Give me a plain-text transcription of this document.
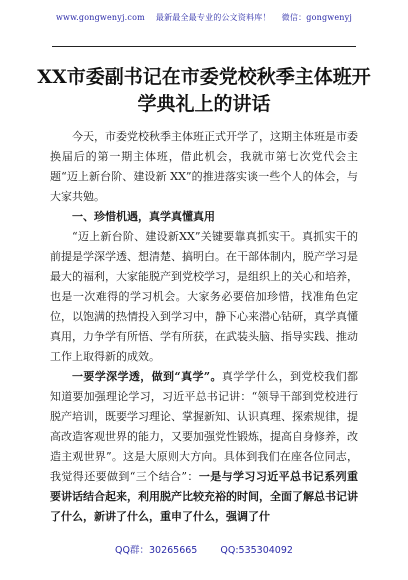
www.gongwenyj.com 最新最全最专业的公文资料库！ 微信：gongwenyj
XX市委副书记在市委党校秋季主体班开学典礼上的讲话

今天，市委党校秋季主体班正式开学了，这期主体班是市委换届后的第一期主体班，借此机会，我就市第七次党代会主题“迈上新台阶、建设新 XX”的推进落实谈一些个人的体会，与大家共勉。

一、珍惜机遇，真学真懂真用

“迈上新台阶、建设新XX”关键要靠真抓实干。真抓实干的前提是学深学透、想清楚、搞明白。在干部体制内，脱产学习是最大的福利，大家能脱产到党校学习，是组织上的关心和培养，也是一次难得的学习机会。大家务必要倍加珍惜，找准角色定位，以饱满的热情投入到学习中，静下心来潜心钻研，真学真懂真用，力争学有所悟、学有所获，在武装头脑、指导实践、推动工作上取得新的成效。

一要学深学透，做到“真学”。真学学什么，到党校我们都知道要加强理论学习，习近平总书记讲：“领导干部到党校进行脱产培训，既要学习理论、掌握新知、认识真理、探索规律，提高改造客观世界的能力，又要加强党性锻炼，提高自身修养，改造主观世界”。这是大原则大方向。具体到我们在座各位同志，我觉得还要做到“三个结合”：一是与学习习近平总书记系列重要讲话结合起来，利用脱产比较充裕的时间，全面了解总书记讲了什么，新讲了什么，重申了什么，强调了什

QQ群：30265665 QQ:535304092
